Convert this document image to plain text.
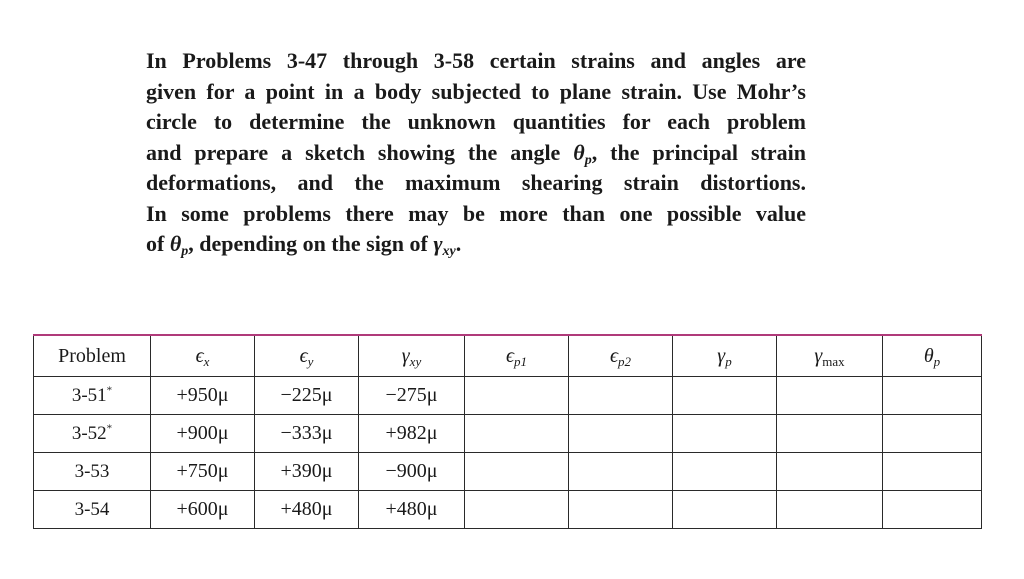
In Problems 3-47 through 3-58 certain strains and angles are
given for a point in a body subjected to plane strain. Use Mohr’s
circle to determine the unknown quantities for each problem
and prepare a sketch showing the angle $\theta_p$, the principal strain
deformations, and the maximum shearing strain distortions.
In some problems there may be more than one possible value
of $\theta_p$, depending on the sign of $\gamma_{xy}$.

Problem	$\epsilon_x$	$\epsilon_y$	$\gamma_{xy}$	$\epsilon_{p1}$	$\epsilon_{p2}$	$\gamma_p$	$\gamma_{max}$	$\theta_p$
3-51*	+950μ	−225μ	−275μ					
3-52*	+900μ	−333μ	+982μ					
3-53	+750μ	+390μ	−900μ					
3-54	+600μ	+480μ	+480μ					
